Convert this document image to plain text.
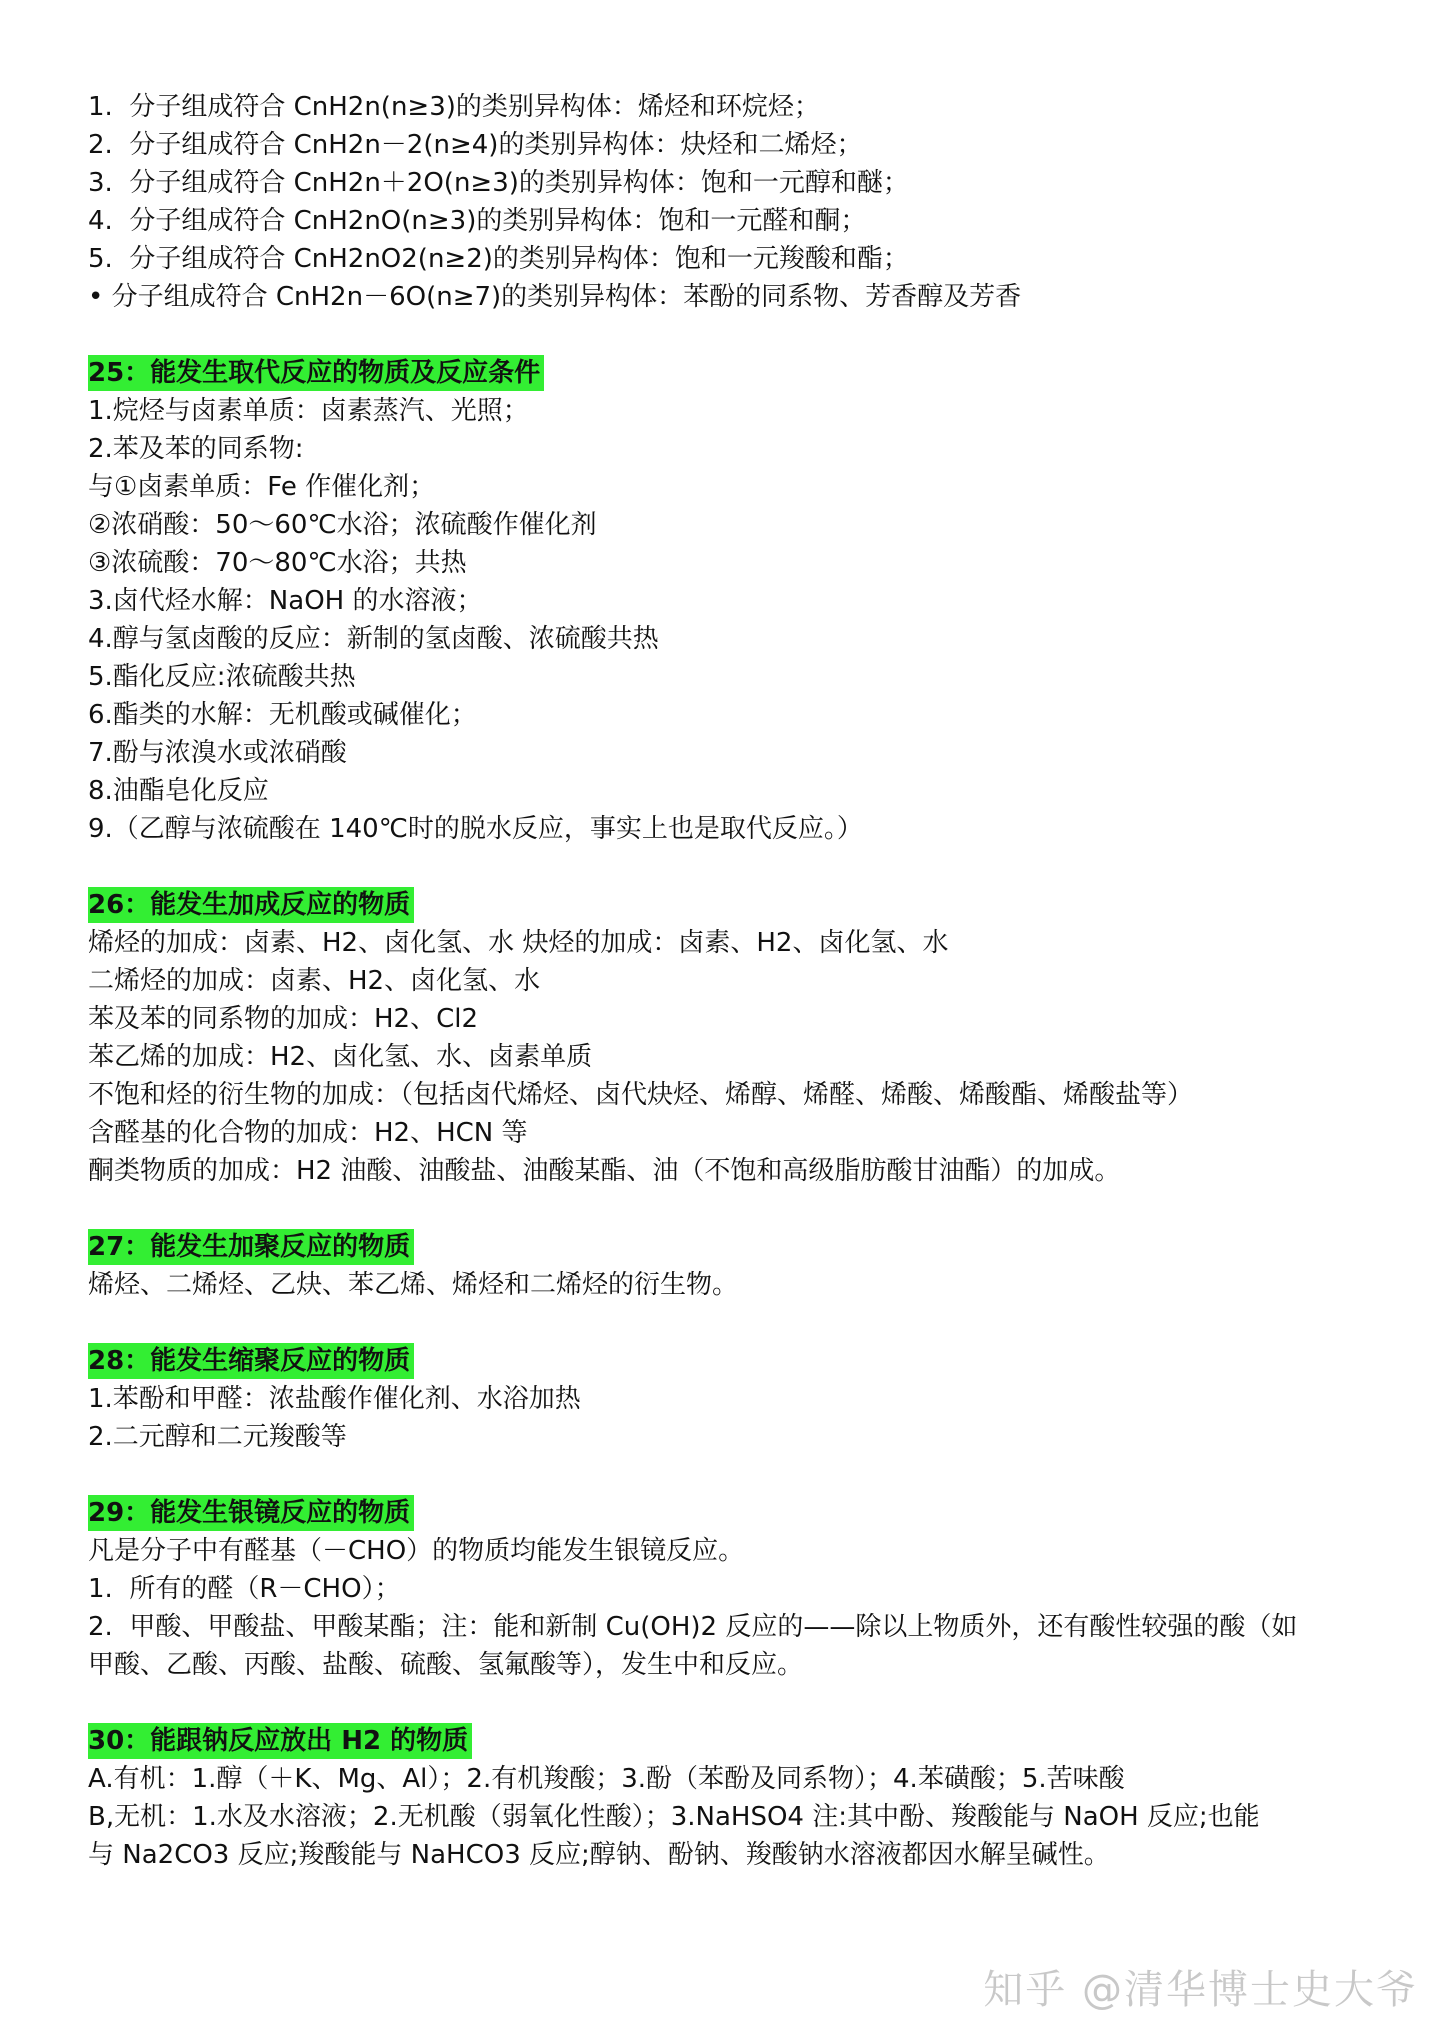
1.  分子组成符合 CnH2n(n≥3)的类别异构体：烯烃和环烷烃；

2.  分子组成符合 CnH2n－2(n≥4)的类别异构体：炔烃和二烯烃；

3.  分子组成符合 CnH2n＋2O(n≥3)的类别异构体：饱和一元醇和醚；

4.  分子组成符合 CnH2nO(n≥3)的类别异构体：饱和一元醛和酮；

5.  分子组成符合 CnH2nO2(n≥2)的类别异构体：饱和一元羧酸和酯；

• 分子组成符合 CnH2n－6O(n≥7)的类别异构体：苯酚的同系物、芳香醇及芳香

25：能发生取代反应的物质及反应条件

1.烷烃与卤素单质：卤素蒸汽、光照；

2.苯及苯的同系物:

与①卤素单质：Fe 作催化剂；

②浓硝酸：50～60℃水浴；浓硫酸作催化剂

③浓硫酸：70～80℃水浴；共热

3.卤代烃水解：NaOH 的水溶液；

4.醇与氢卤酸的反应：新制的氢卤酸、浓硫酸共热

5.酯化反应:浓硫酸共热

6.酯类的水解：无机酸或碱催化；

7.酚与浓溴水或浓硝酸

8.油酯皂化反应

9.（乙醇与浓硫酸在 140℃时的脱水反应，事实上也是取代反应。）

26：能发生加成反应的物质

烯烃的加成：卤素、H2、卤化氢、水 炔烃的加成：卤素、H2、卤化氢、水

二烯烃的加成：卤素、H2、卤化氢、水

苯及苯的同系物的加成：H2、Cl2

苯乙烯的加成：H2、卤化氢、水、卤素单质

不饱和烃的衍生物的加成：（包括卤代烯烃、卤代炔烃、烯醇、烯醛、烯酸、烯酸酯、烯酸盐等）

含醛基的化合物的加成：H2、HCN 等

酮类物质的加成：H2 油酸、油酸盐、油酸某酯、油（不饱和高级脂肪酸甘油酯）的加成。

27：能发生加聚反应的物质

烯烃、二烯烃、乙炔、苯乙烯、烯烃和二烯烃的衍生物。

28：能发生缩聚反应的物质

1.苯酚和甲醛：浓盐酸作催化剂、水浴加热

2.二元醇和二元羧酸等

29：能发生银镜反应的物质

凡是分子中有醛基（－CHO）的物质均能发生银镜反应。

1.  所有的醛（R－CHO）；

2.  甲酸、甲酸盐、甲酸某酯；注：能和新制 Cu(OH)2 反应的——除以上物质外，还有酸性较强的酸（如

甲酸、乙酸、丙酸、盐酸、硫酸、氢氟酸等），发生中和反应。

30：能跟钠反应放出 H2 的物质

A.有机：1.醇（＋K、Mg、Al）；2.有机羧酸；3.酚（苯酚及同系物）；4.苯磺酸；5.苦味酸

B,无机：1.水及水溶液；2.无机酸（弱氧化性酸）；3.NaHSO4 注:其中酚、羧酸能与 NaOH 反应;也能

与 Na2CO3 反应;羧酸能与 NaHCO3 反应;醇钠、酚钠、羧酸钠水溶液都因水解呈碱性。

知乎 @清华博士史大爷
